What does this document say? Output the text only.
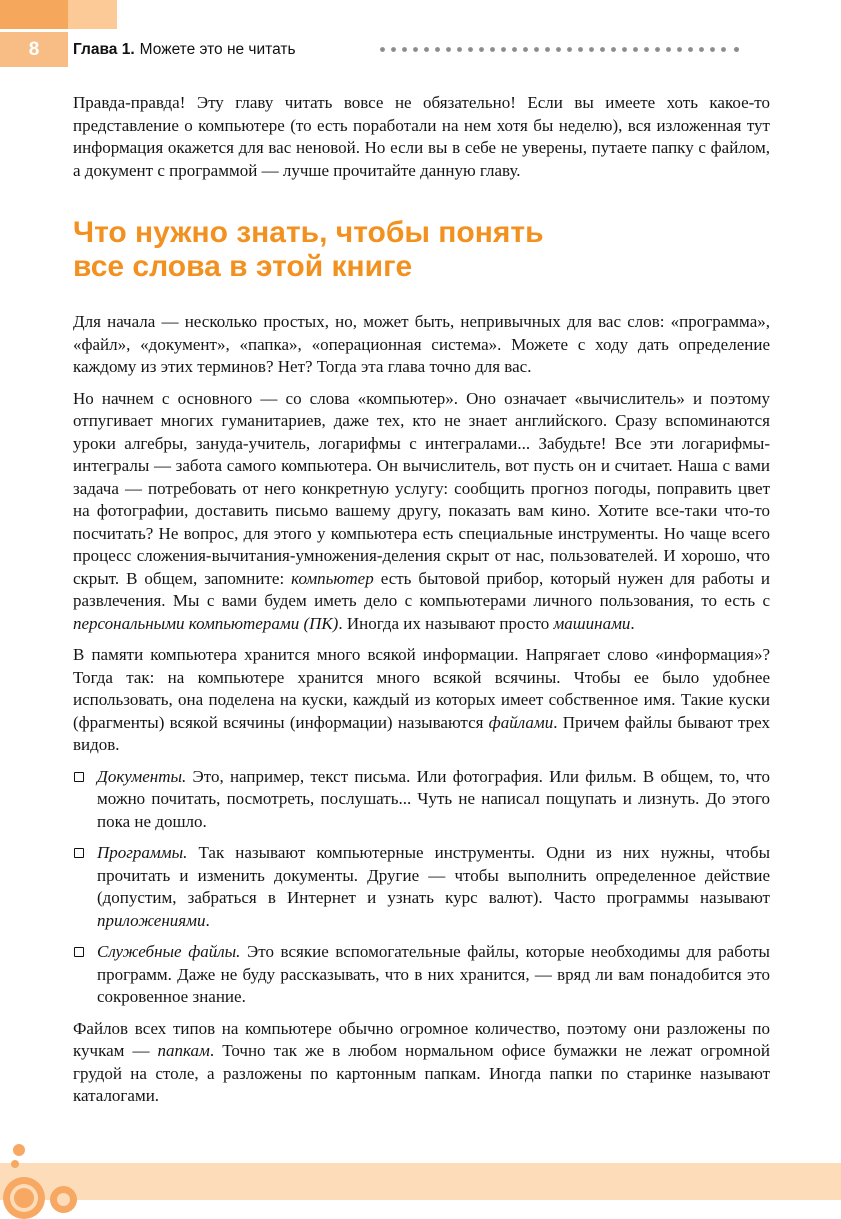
8 Глава 1. Можете это не читать

Правда-правда! Эту главу читать вовсе не обязательно! Если вы имеете хоть какое-то представление о компьютере (то есть поработали на нем хотя бы неделю), вся изложенная тут информация окажется для вас неновой. Но если вы в себе не уверены, путаете папку с файлом, а документ с программой — лучше прочитайте данную главу.

Что нужно знать, чтобы понять
все слова в этой книге

Для начала — несколько простых, но, может быть, непривычных для вас слов: «программа», «файл», «документ», «папка», «операционная система». Можете с ходу дать определение каждому из этих терминов? Нет? Тогда эта глава точно для вас.

Но начнем с основного — со слова «компьютер». Оно означает «вычислитель» и поэтому отпугивает многих гуманитариев, даже тех, кто не знает английского. Сразу вспоминаются уроки алгебры, зануда-учитель, логарифмы с интегралами... Забудьте! Все эти логарифмы-интегралы — забота самого компьютера. Он вычислитель, вот пусть он и считает. Наша с вами задача — потребовать от него конкретную услугу: сообщить прогноз погоды, поправить цвет на фотографии, доставить письмо вашему другу, показать вам кино. Хотите все-таки что-то посчитать? Не вопрос, для этого у компьютера есть специальные инструменты. Но чаще всего процесс сложения-вычитания-умножения-деления скрыт от нас, пользователей. И хорошо, что скрыт. В общем, запомните: компьютер есть бытовой прибор, который нужен для работы и развлечения. Мы с вами будем иметь дело с компьютерами личного пользования, то есть с персональными компьютерами (ПК). Иногда их называют просто машинами.

В памяти компьютера хранится много всякой информации. Напрягает слово «информация»? Тогда так: на компьютере хранится много всякой всячины. Чтобы ее было удобнее использовать, она поделена на куски, каждый из которых имеет собственное имя. Такие куски (фрагменты) всякой всячины (информации) называются файлами. Причем файлы бывают трех видов.

Документы. Это, например, текст письма. Или фотография. Или фильм. В общем, то, что можно почитать, посмотреть, послушать... Чуть не написал пощупать и лизнуть. До этого пока не дошло.
Программы. Так называют компьютерные инструменты. Одни из них нужны, чтобы прочитать и изменить документы. Другие — чтобы выполнить определенное действие (допустим, забраться в Интернет и узнать курс валют). Часто программы называют приложениями.
Служебные файлы. Это всякие вспомогательные файлы, которые необходимы для работы программ. Даже не буду рассказывать, что в них хранится, — вряд ли вам понадобится это сокровенное знание.

Файлов всех типов на компьютере обычно огромное количество, поэтому они разложены по кучкам — папкам. Точно так же в любом нормальном офисе бумажки не лежат огромной грудой на столе, а разложены по картонным папкам. Иногда папки по старинке называют каталогами.
